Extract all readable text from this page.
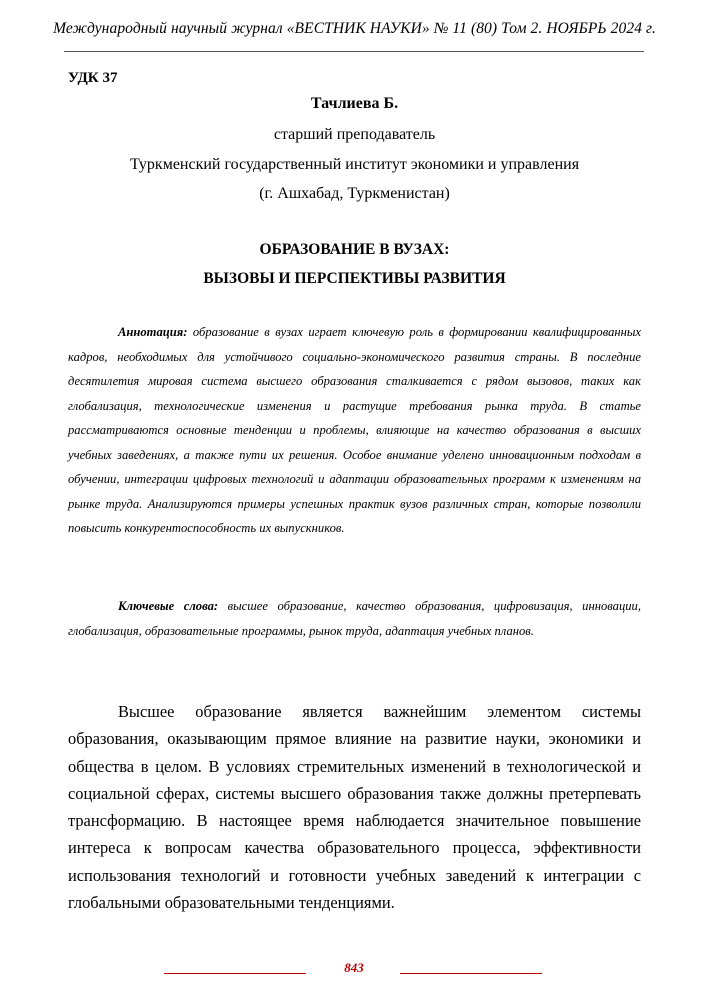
Международный научный журнал «ВЕСТНИК НАУКИ» № 11 (80) Том 2. НОЯБРЬ 2024 г.
УДК 37
Тачлиева Б.
старший преподаватель
Туркменский государственный институт экономики и управления
(г. Ашхабад, Туркменистан)
ОБРАЗОВАНИЕ В ВУЗАХ:
ВЫЗОВЫ И ПЕРСПЕКТИВЫ РАЗВИТИЯ
Аннотация: образование в вузах играет ключевую роль в формировании квалифицированных кадров, необходимых для устойчивого социально-экономического развития страны. В последние десятилетия мировая система высшего образования сталкивается с рядом вызовов, таких как глобализация, технологические изменения и растущие требования рынка труда. В статье рассматриваются основные тенденции и проблемы, влияющие на качество образования в высших учебных заведениях, а также пути их решения. Особое внимание уделено инновационным подходам в обучении, интеграции цифровых технологий и адаптации образовательных программ к изменениям на рынке труда. Анализируются примеры успешных практик вузов различных стран, которые позволили повысить конкурентоспособность их выпускников.
Ключевые слова: высшее образование, качество образования, цифровизация, инновации, глобализация, образовательные программы, рынок труда, адаптация учебных планов.
Высшее образование является важнейшим элементом системы образования, оказывающим прямое влияние на развитие науки, экономики и общества в целом. В условиях стремительных изменений в технологической и социальной сферах, системы высшего образования также должны претерпевать трансформацию. В настоящее время наблюдается значительное повышение интереса к вопросам качества образовательного процесса, эффективности использования технологий и готовности учебных заведений к интеграции с глобальными образовательными тенденциями.
843
